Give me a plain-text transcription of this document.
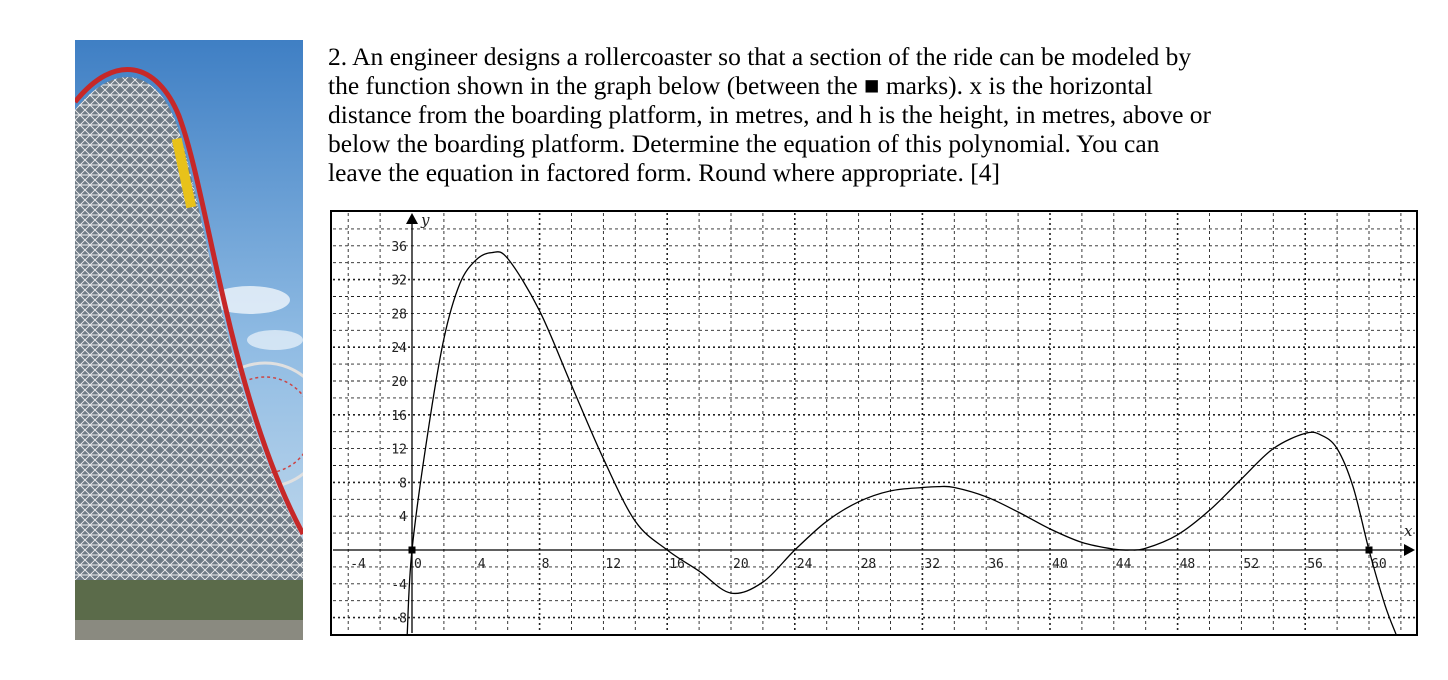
2. An engineer designs a rollercoaster so that a section of the ride can be modeled by

the function shown in the graph below (between the ■ marks). x is the horizontal

distance from the boarding platform, in metres, and h is the height, in metres, above or

below the boarding platform. Determine the equation of this polynomial. You can

leave the equation in factored form. Round where appropriate. [4]

y
x
-4	0	4	8	12	16	20	24	28	32	36	40	44	48	52	56	60
-8
-4
4
8
12
16
20
24
28
32
36
